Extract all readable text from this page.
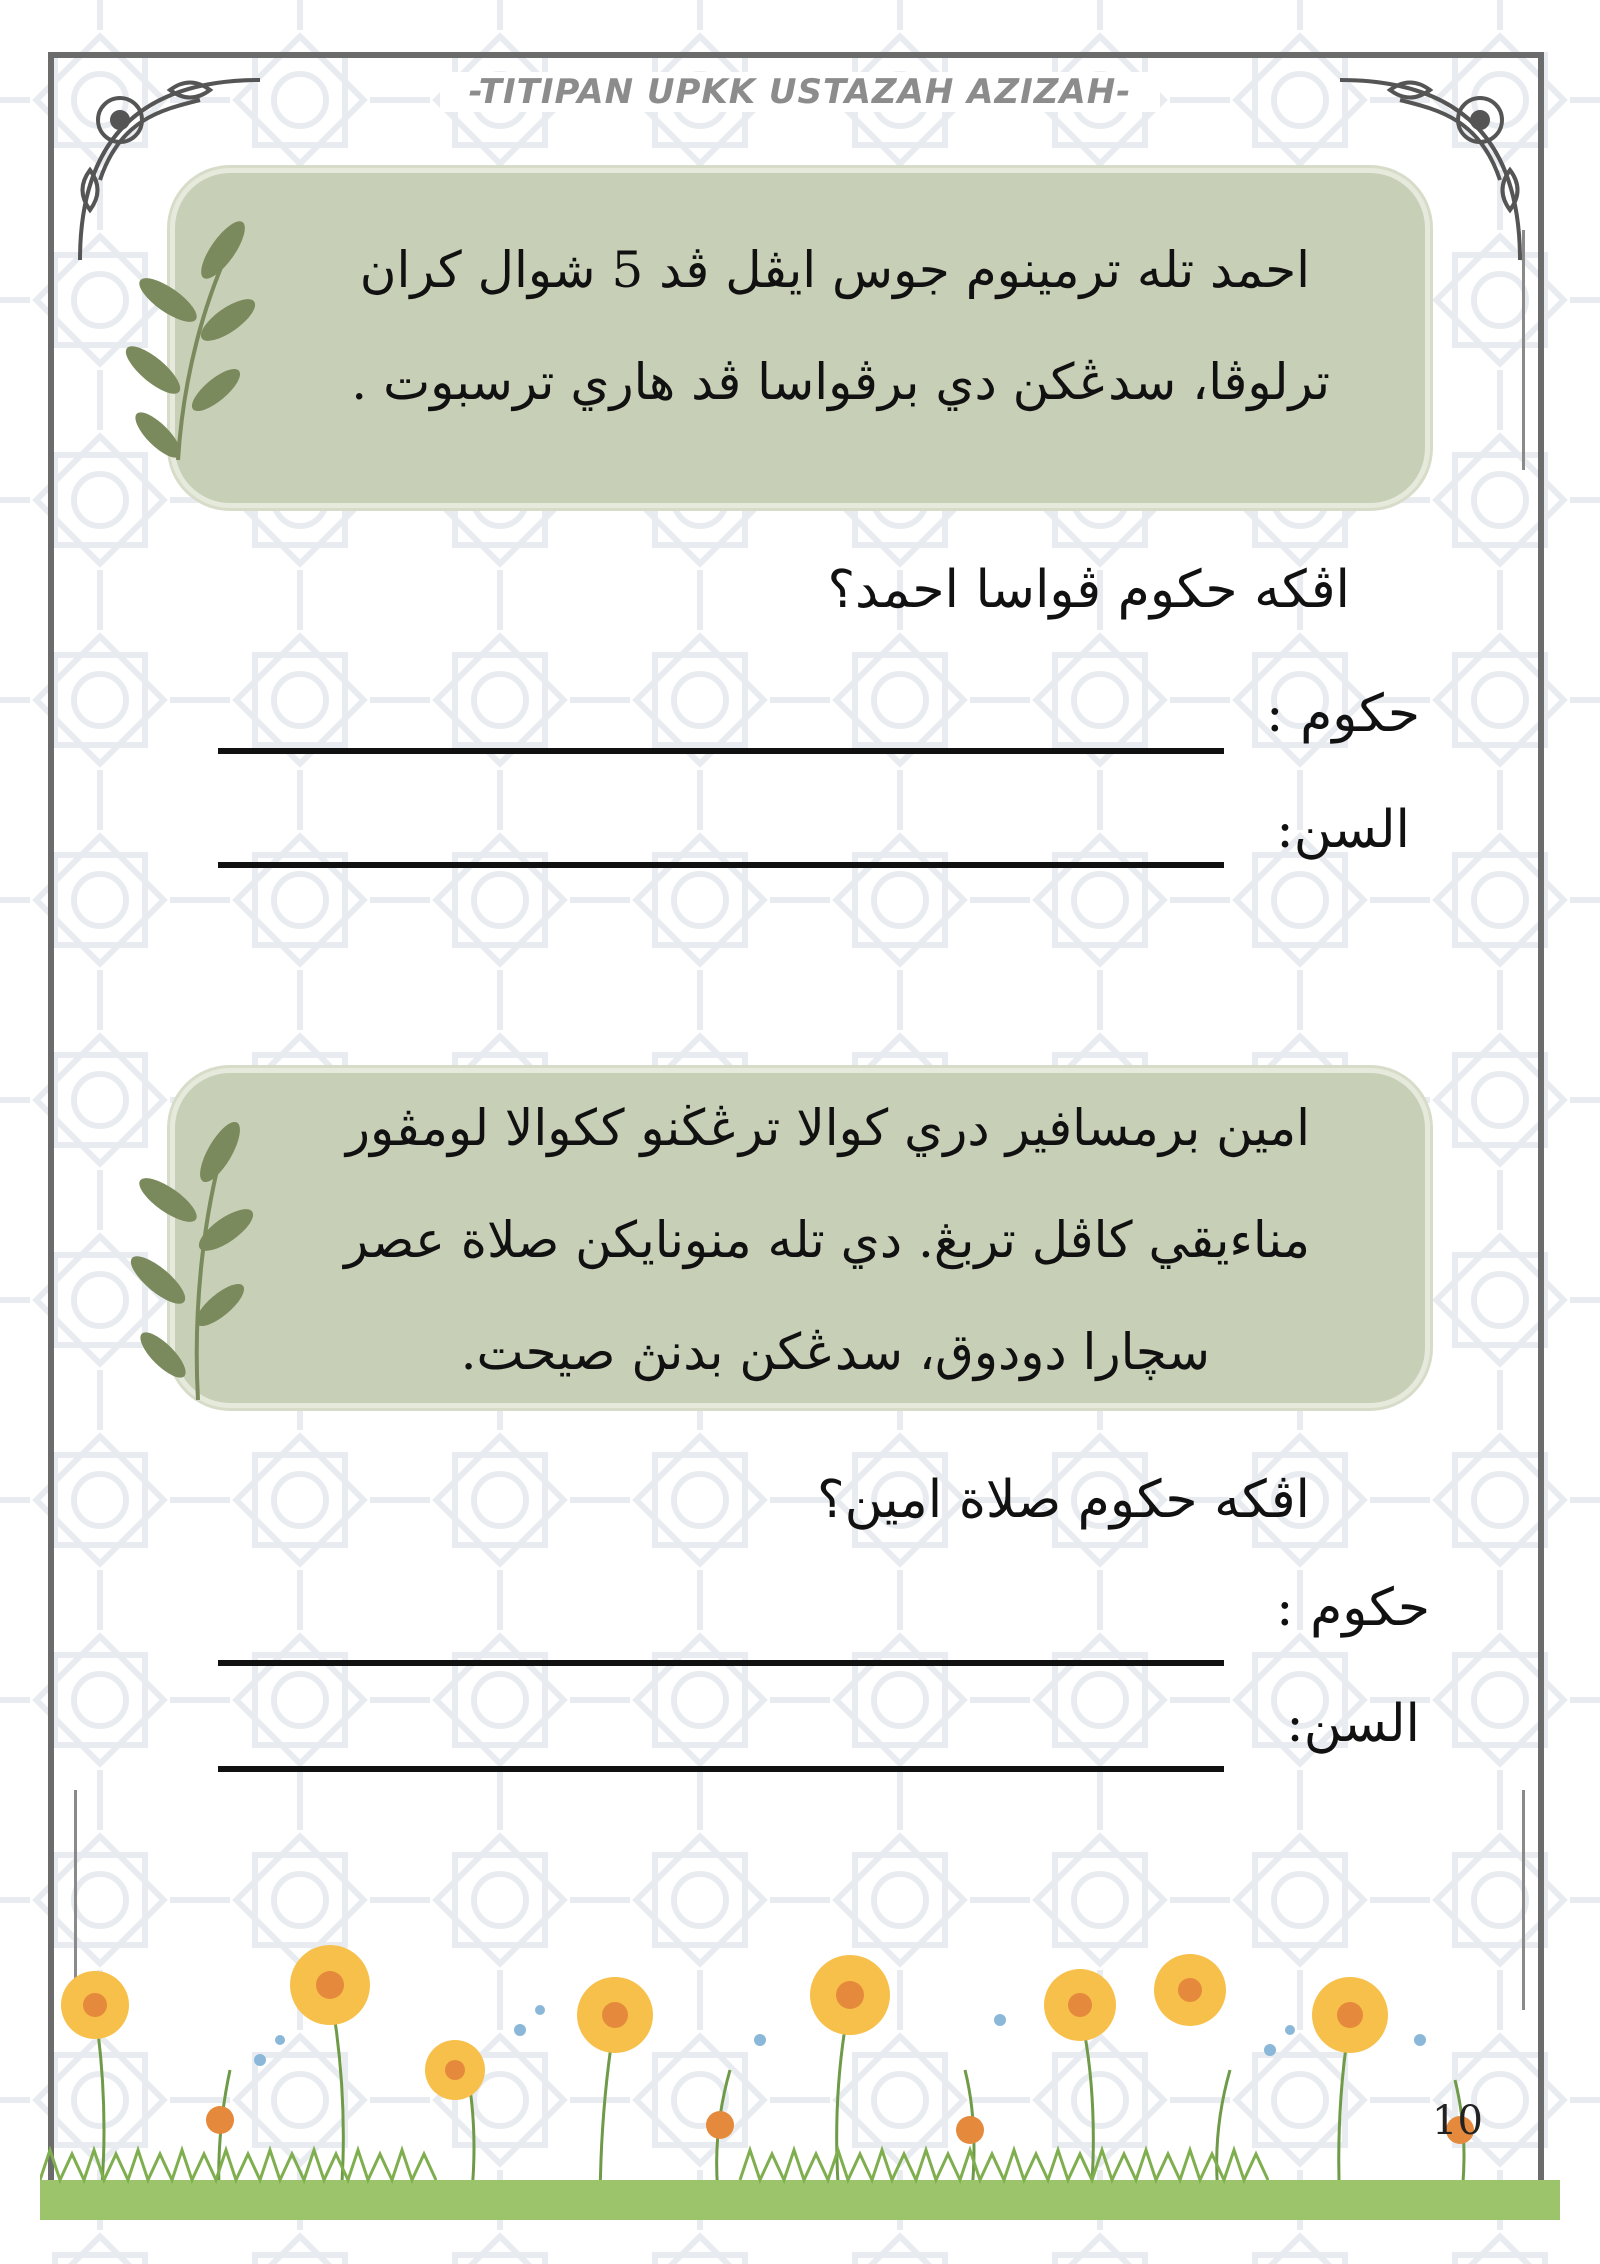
-TITIPAN UPKK USTAZAH AZIZAH-
احمد تله ترمينوم جوس ايڤل ڤد 5 شوال كران
ترلوڤا، سدڠكن دي برڤواسا ڤد هاري ترسبوت .
اڤكه حكوم ڤواسا احمد؟
حكوم :
السن:
امين برمسافير دري كوالا ترڠڬنو ككوالا لومڤور
مناءيقي كاڤل تربڠ. دي تله منونايكن صلاة عصر
سچارا دودوق، سدڠكن بدنڽ صيحت.
اڤكه حكوم صلاة امين؟
حكوم :
السن:
10
